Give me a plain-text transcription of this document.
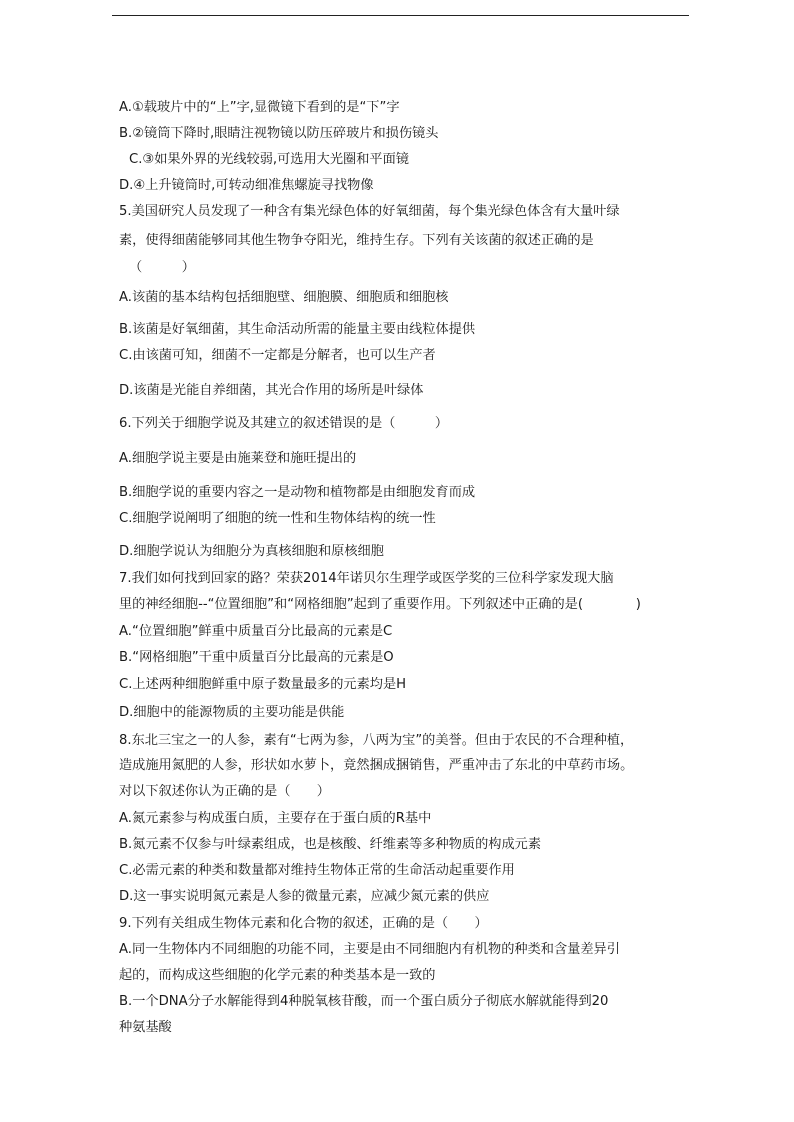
A.①载玻片中的“上”字,显微镜下看到的是“下”字
B.②镜筒下降时,眼睛注视物镜以防压碎玻片和损伤镜头
C.③如果外界的光线较弱,可选用大光圈和平面镜
D.④上升镜筒时,可转动细准焦螺旋寻找物像
5.美国研究人员发现了一种含有集光绿色体的好氧细菌，每个集光绿色体含有大量叶绿
素，使得细菌能够同其他生物争夺阳光，维持生存。下列有关该菌的叙述正确的是
（　　　）
A.该菌的基本结构包括细胞壁、细胞膜、细胞质和细胞核
B.该菌是好氧细菌，其生命活动所需的能量主要由线粒体提供
C.由该菌可知，细菌不一定都是分解者，也可以生产者
D.该菌是光能自养细菌，其光合作用的场所是叶绿体
6.下列关于细胞学说及其建立的叙述错误的是（　　　）
A.细胞学说主要是由施莱登和施旺提出的
B.细胞学说的重要内容之一是动物和植物都是由细胞发育而成
C.细胞学说阐明了细胞的统一性和生物体结构的统一性
D.细胞学说认为细胞分为真核细胞和原核细胞
7.我们如何找到回家的路？荣获2014年诺贝尔生理学或医学奖的三位科学家发现大脑
里的神经细胞--“位置细胞”和“网格细胞”起到了重要作用。下列叙述中正确的是(　　　　)
A.“位置细胞”鲜重中质量百分比最高的元素是C
B.“网格细胞”干重中质量百分比最高的元素是O
C.上述两种细胞鲜重中原子数量最多的元素均是H
D.细胞中的能源物质的主要功能是供能
8.东北三宝之一的人参，素有“七两为参，八两为宝”的美誉。但由于农民的不合理种植，
造成施用氮肥的人参，形状如水萝卜，竟然捆成捆销售，严重冲击了东北的中草药市场。
对以下叙述你认为正确的是（　　）
A.氮元素参与构成蛋白质，主要存在于蛋白质的R基中
B.氮元素不仅参与叶绿素组成，也是核酸、纤维素等多种物质的构成元素
C.必需元素的种类和数量都对维持生物体正常的生命活动起重要作用
D.这一事实说明氮元素是人参的微量元素，应减少氮元素的供应
9.下列有关组成生物体元素和化合物的叙述，正确的是（　　）
A.同一生物体内不同细胞的功能不同，主要是由不同细胞内有机物的种类和含量差异引
起的，而构成这些细胞的化学元素的种类基本是一致的
B.一个DNA分子水解能得到4种脱氧核苷酸，而一个蛋白质分子彻底水解就能得到20
种氨基酸
